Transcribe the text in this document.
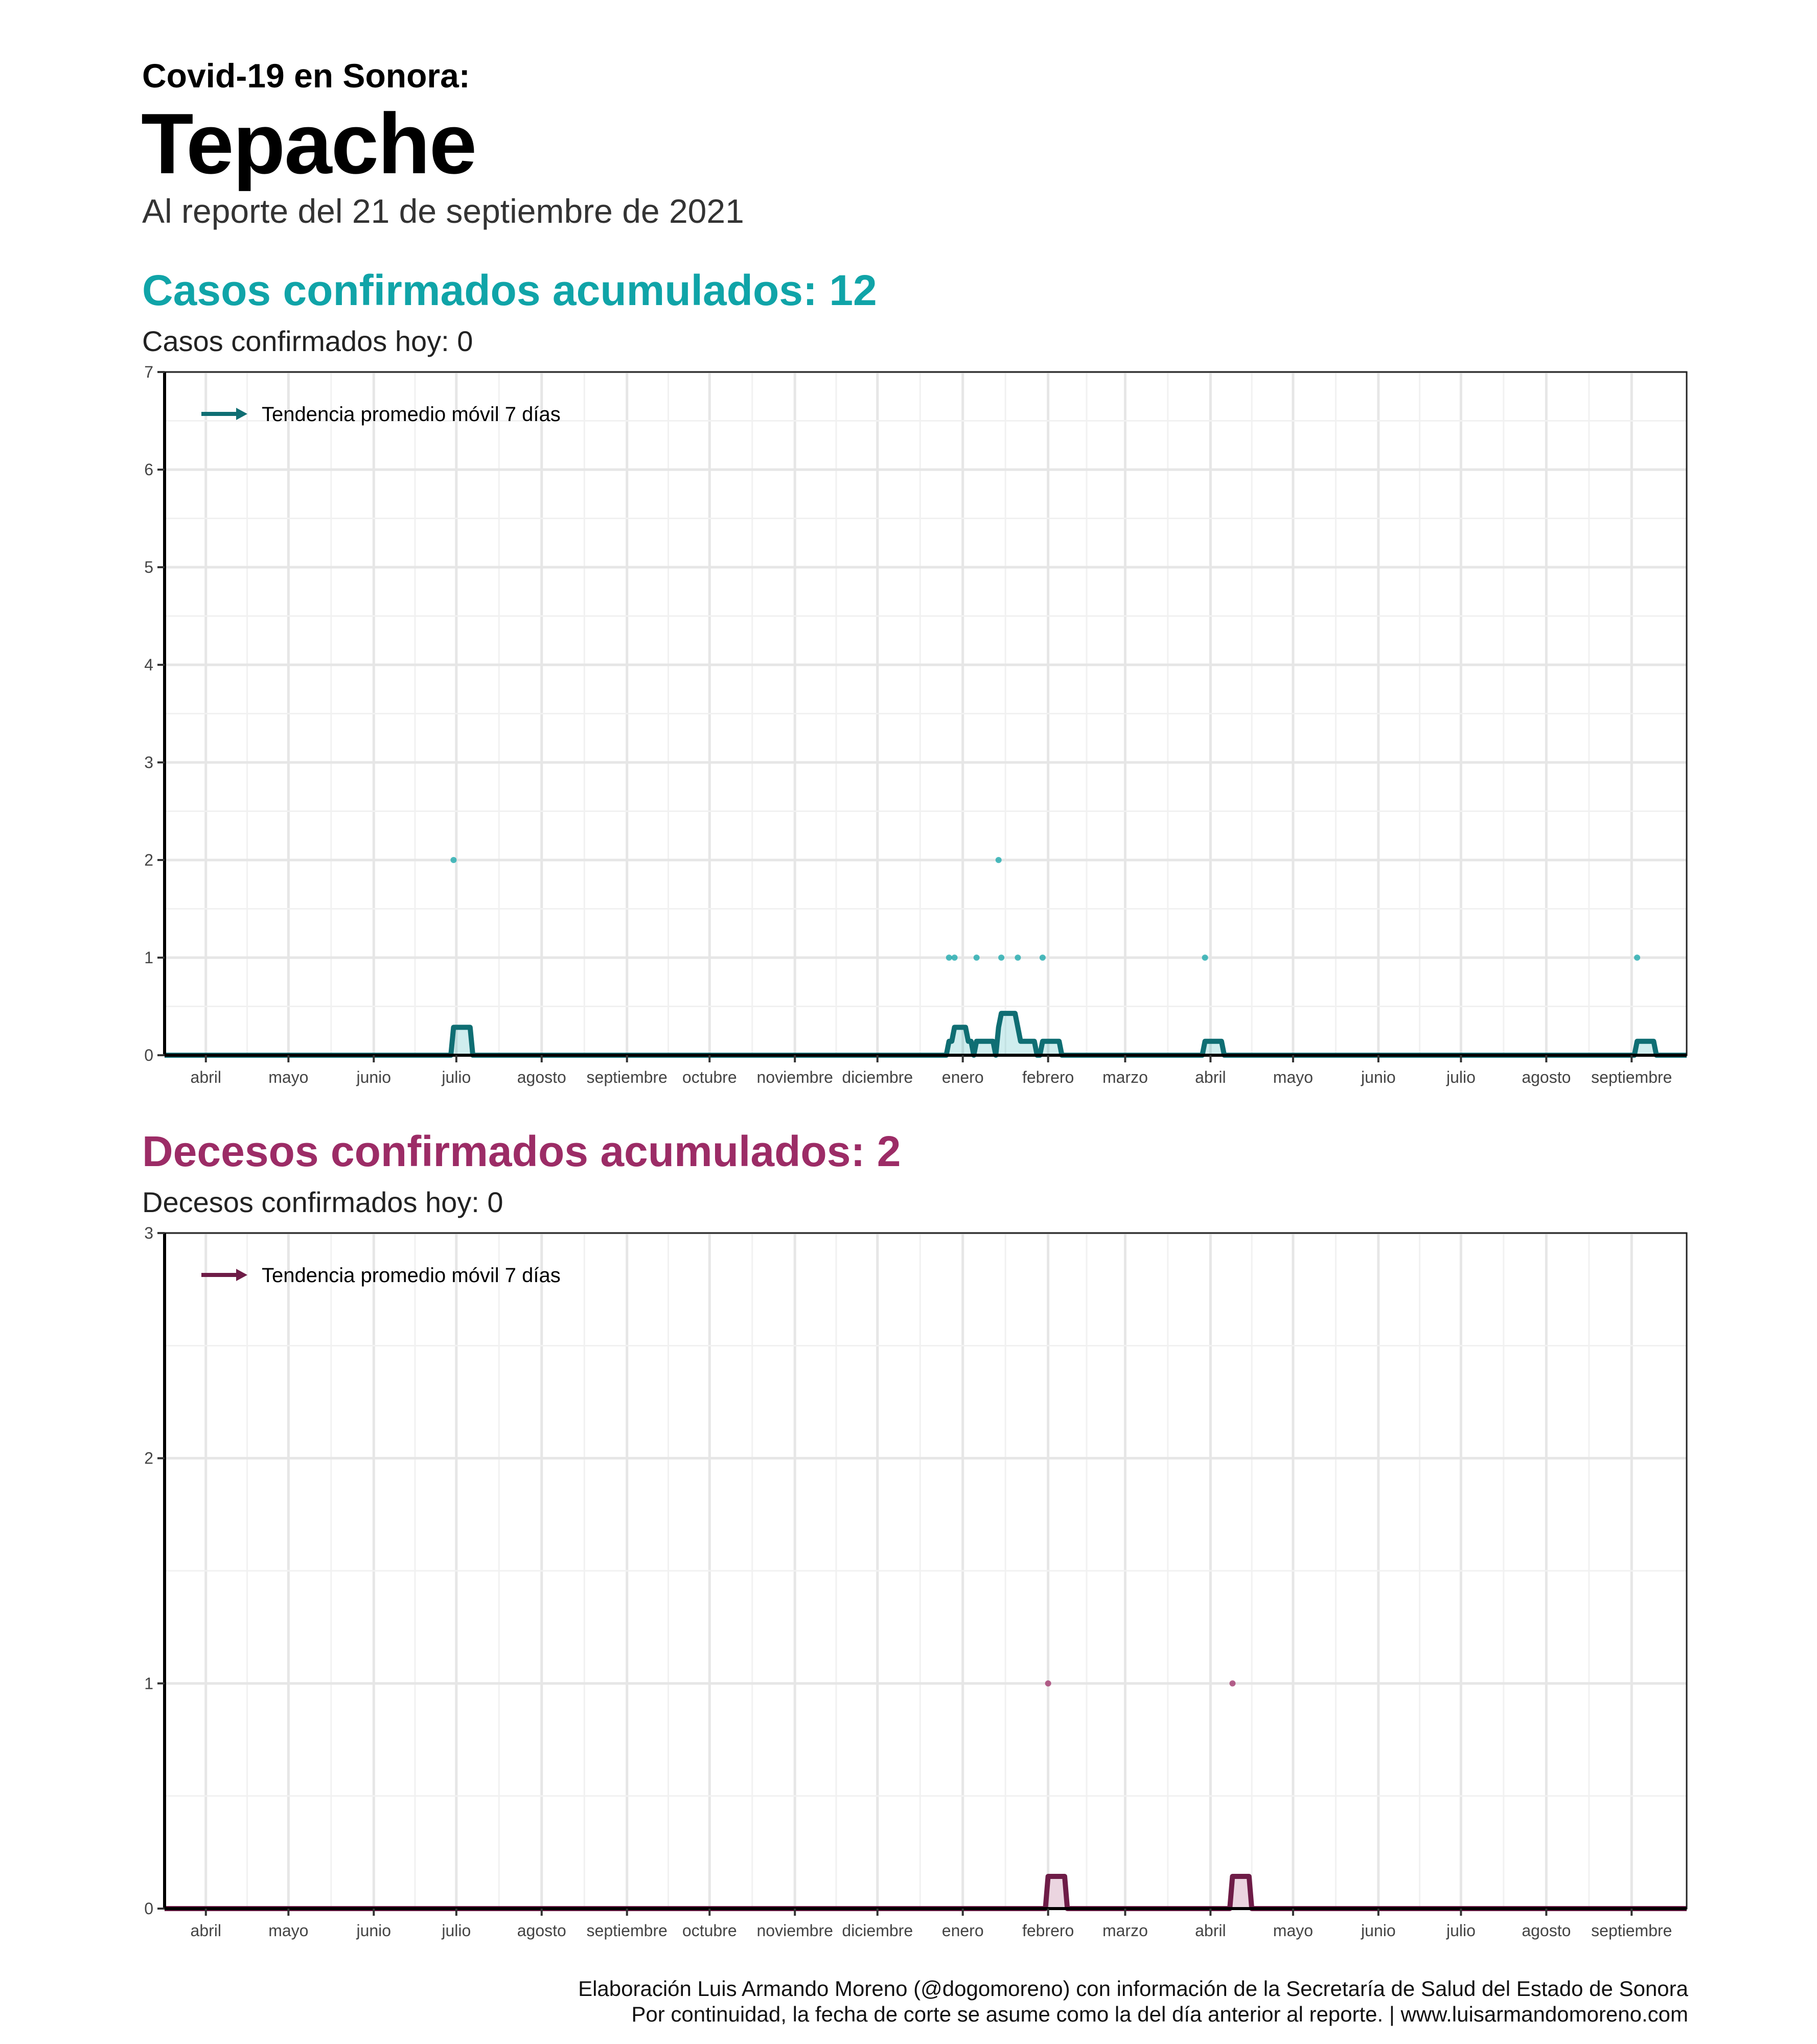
Covid-19 en Sonora:

Tepache

Al reporte del 21 de septiembre de 2021

Casos confirmados acumulados: 12

Casos confirmados hoy: 0

0
1
2
3
4
5
6
7
abril	mayo	junio	julio	agosto septiembre octubre noviembre diciembre enero febrero marzo	abril	mayo	junio	julio	agosto septiembre
Tendencia promedio móvil 7 días

Decesos confirmados acumulados: 2

Decesos confirmados hoy: 0

0
1
2
3
abril	mayo	junio	julio	agosto septiembre octubre noviembre diciembre enero febrero marzo	abril	mayo	junio	julio	agosto septiembre
Tendencia promedio móvil 7 días

Elaboración Luis Armando Moreno (@dogomoreno) con información de la Secretaría de Salud del Estado de Sonora

Por continuidad, la fecha de corte se asume como la del día anterior al reporte. | www.luisarmandomoreno.com
